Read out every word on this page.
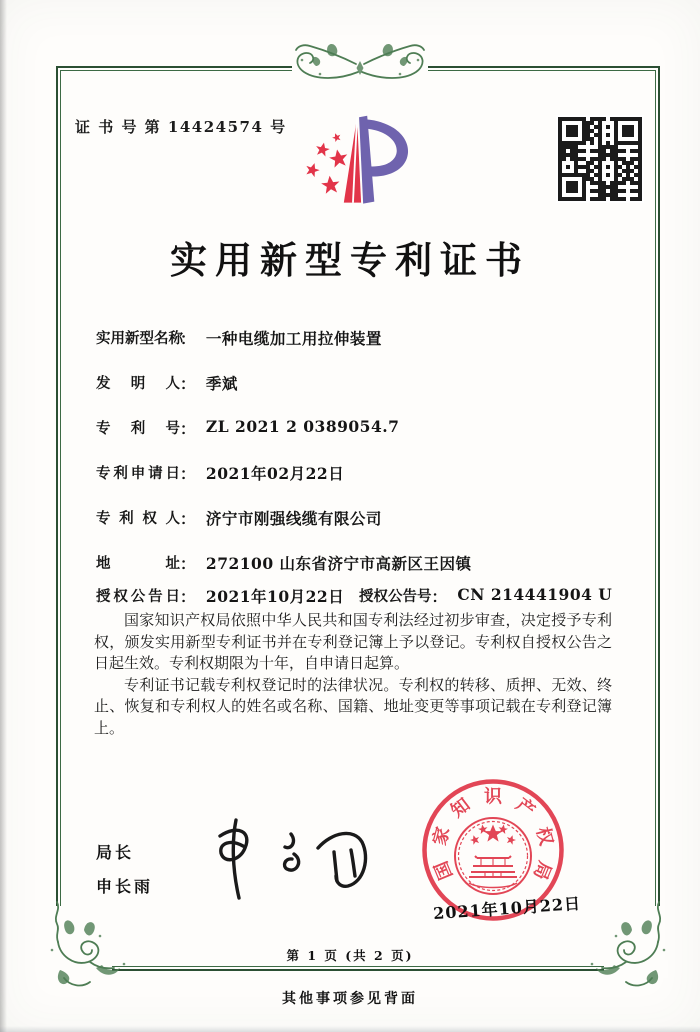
证 书 号 第 14424574 号
实用新型专利证书
实用新型名称： 一种电缆加工用拉伸装置
发明人： 季斌
专利号： ZL 2021 2 0389054.7
专利申请日： 2021年02月22日
专利权人： 济宁市刚强线缆有限公司
地址： 272100 山东省济宁市高新区王因镇
授权公告日： 2021年10月22日 授权公告号： CN 214441904 U

国家知识产权局依照中华人民共和国专利法经过初步审查，决定授予专利权，颁发实用新型专利证书并在专利登记簿上予以登记。专利权自授权公告之日起生效。专利权期限为十年，自申请日起算。

专利证书记载专利权登记时的法律状况。专利权的转移、质押、无效、终止、恢复和专利权人的姓名或名称、国籍、地址变更等事项记载在专利登记簿上。

局长
申长雨
国
家
知 识 产
权
局
2021年10月22日
第 1 页 (共 2 页)
其他事项参见背面
